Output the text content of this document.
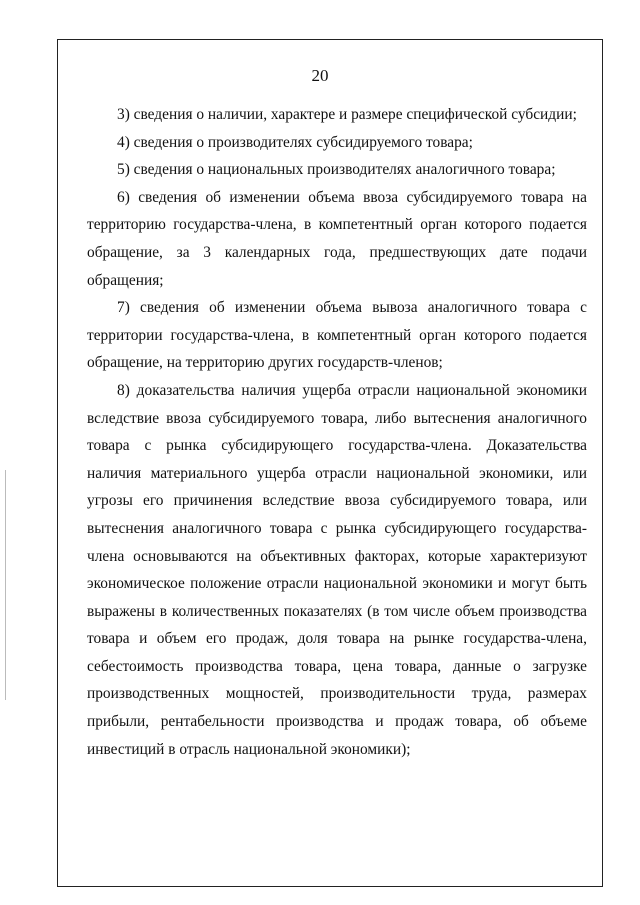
20

3) сведения о наличии, характере и размере специфической субсидии;

4) сведения о производителях субсидируемого товара;

5) сведения о национальных производителях аналогичного товара;

6) сведения об изменении объема ввоза субсидируемого товара на территорию государства-члена, в компетентный орган которого подается обращение, за 3 календарных года, предшествующих дате подачи обращения;

7) сведения об изменении объема вывоза аналогичного товара с территории государства-члена, в компетентный орган которого подается обращение, на территорию других государств-членов;

8) доказательства наличия ущерба отрасли национальной экономики вследствие ввоза субсидируемого товара, либо вытеснения аналогичного товара с рынка субсидирующего государства-члена. Доказательства наличия материального ущерба отрасли национальной экономики, или угрозы его причинения вследствие ввоза субсидируемого товара, или вытеснения аналогичного товара с рынка субсидирующего государства-члена основываются на объективных факторах, которые характеризуют экономическое положение отрасли национальной экономики и могут быть выражены в количественных показателях (в том числе объем производства товара и объем его продаж, доля товара на рынке государства-члена, себестоимость производства товара, цена товара, данные о загрузке производственных мощностей, производительности труда, размерах прибыли, рентабельности производства и продаж товара, об объеме инвестиций в отрасль национальной экономики);
